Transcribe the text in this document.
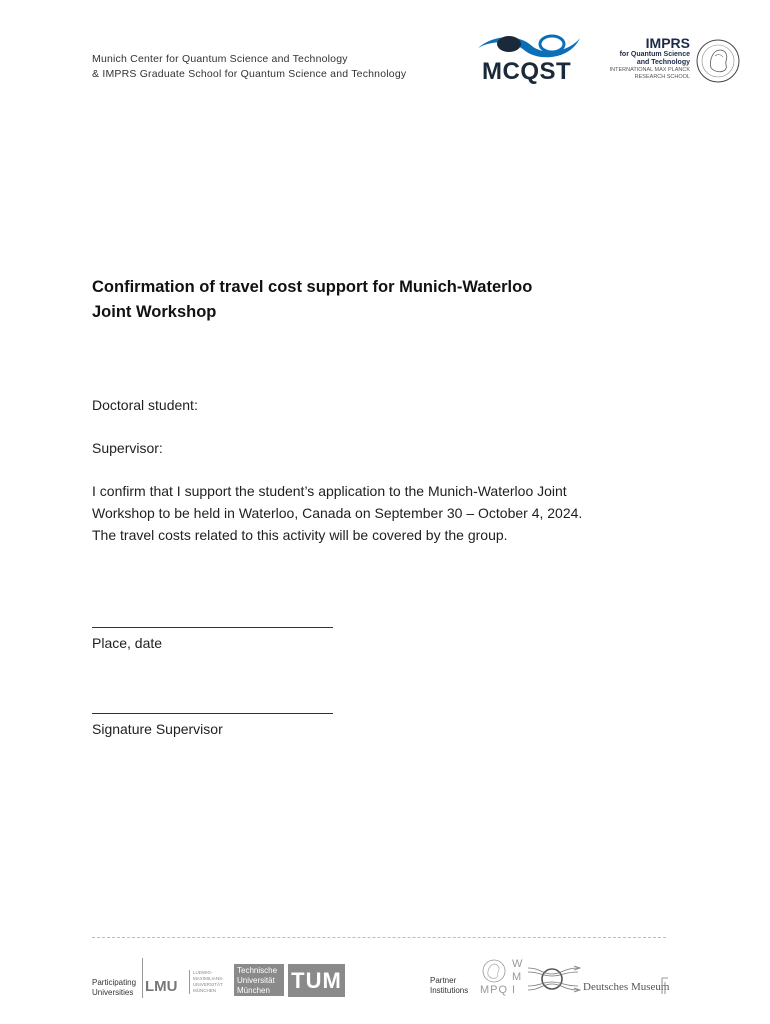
Munich Center for Quantum Science and Technology
& IMPRS Graduate School for Quantum Science and Technology	MCQST
IMPRS
for Quantum Science
and Technology
INTERNATIONAL MAX PLANCK
RESEARCH SCHOOL
Confirmation of travel cost support for Munich-Waterloo
Joint Workshop
Doctoral student:
Supervisor:
I confirm that I support the student’s application to the Munich-Waterloo Joint
Workshop to be held in Waterloo, Canada on September 30 – October 4, 2024.
The travel costs related to this activity will be covered by the group.
Place, date
Signature Supervisor
Participating
Universities LMU
LUDWIG-
MAXIMILIANS-
UNIVERSITÄT
MÜNCHEN
Technische
Universität
München TUM	Partner
Institutions MPQ
W
M
I	Deutsches Museum
